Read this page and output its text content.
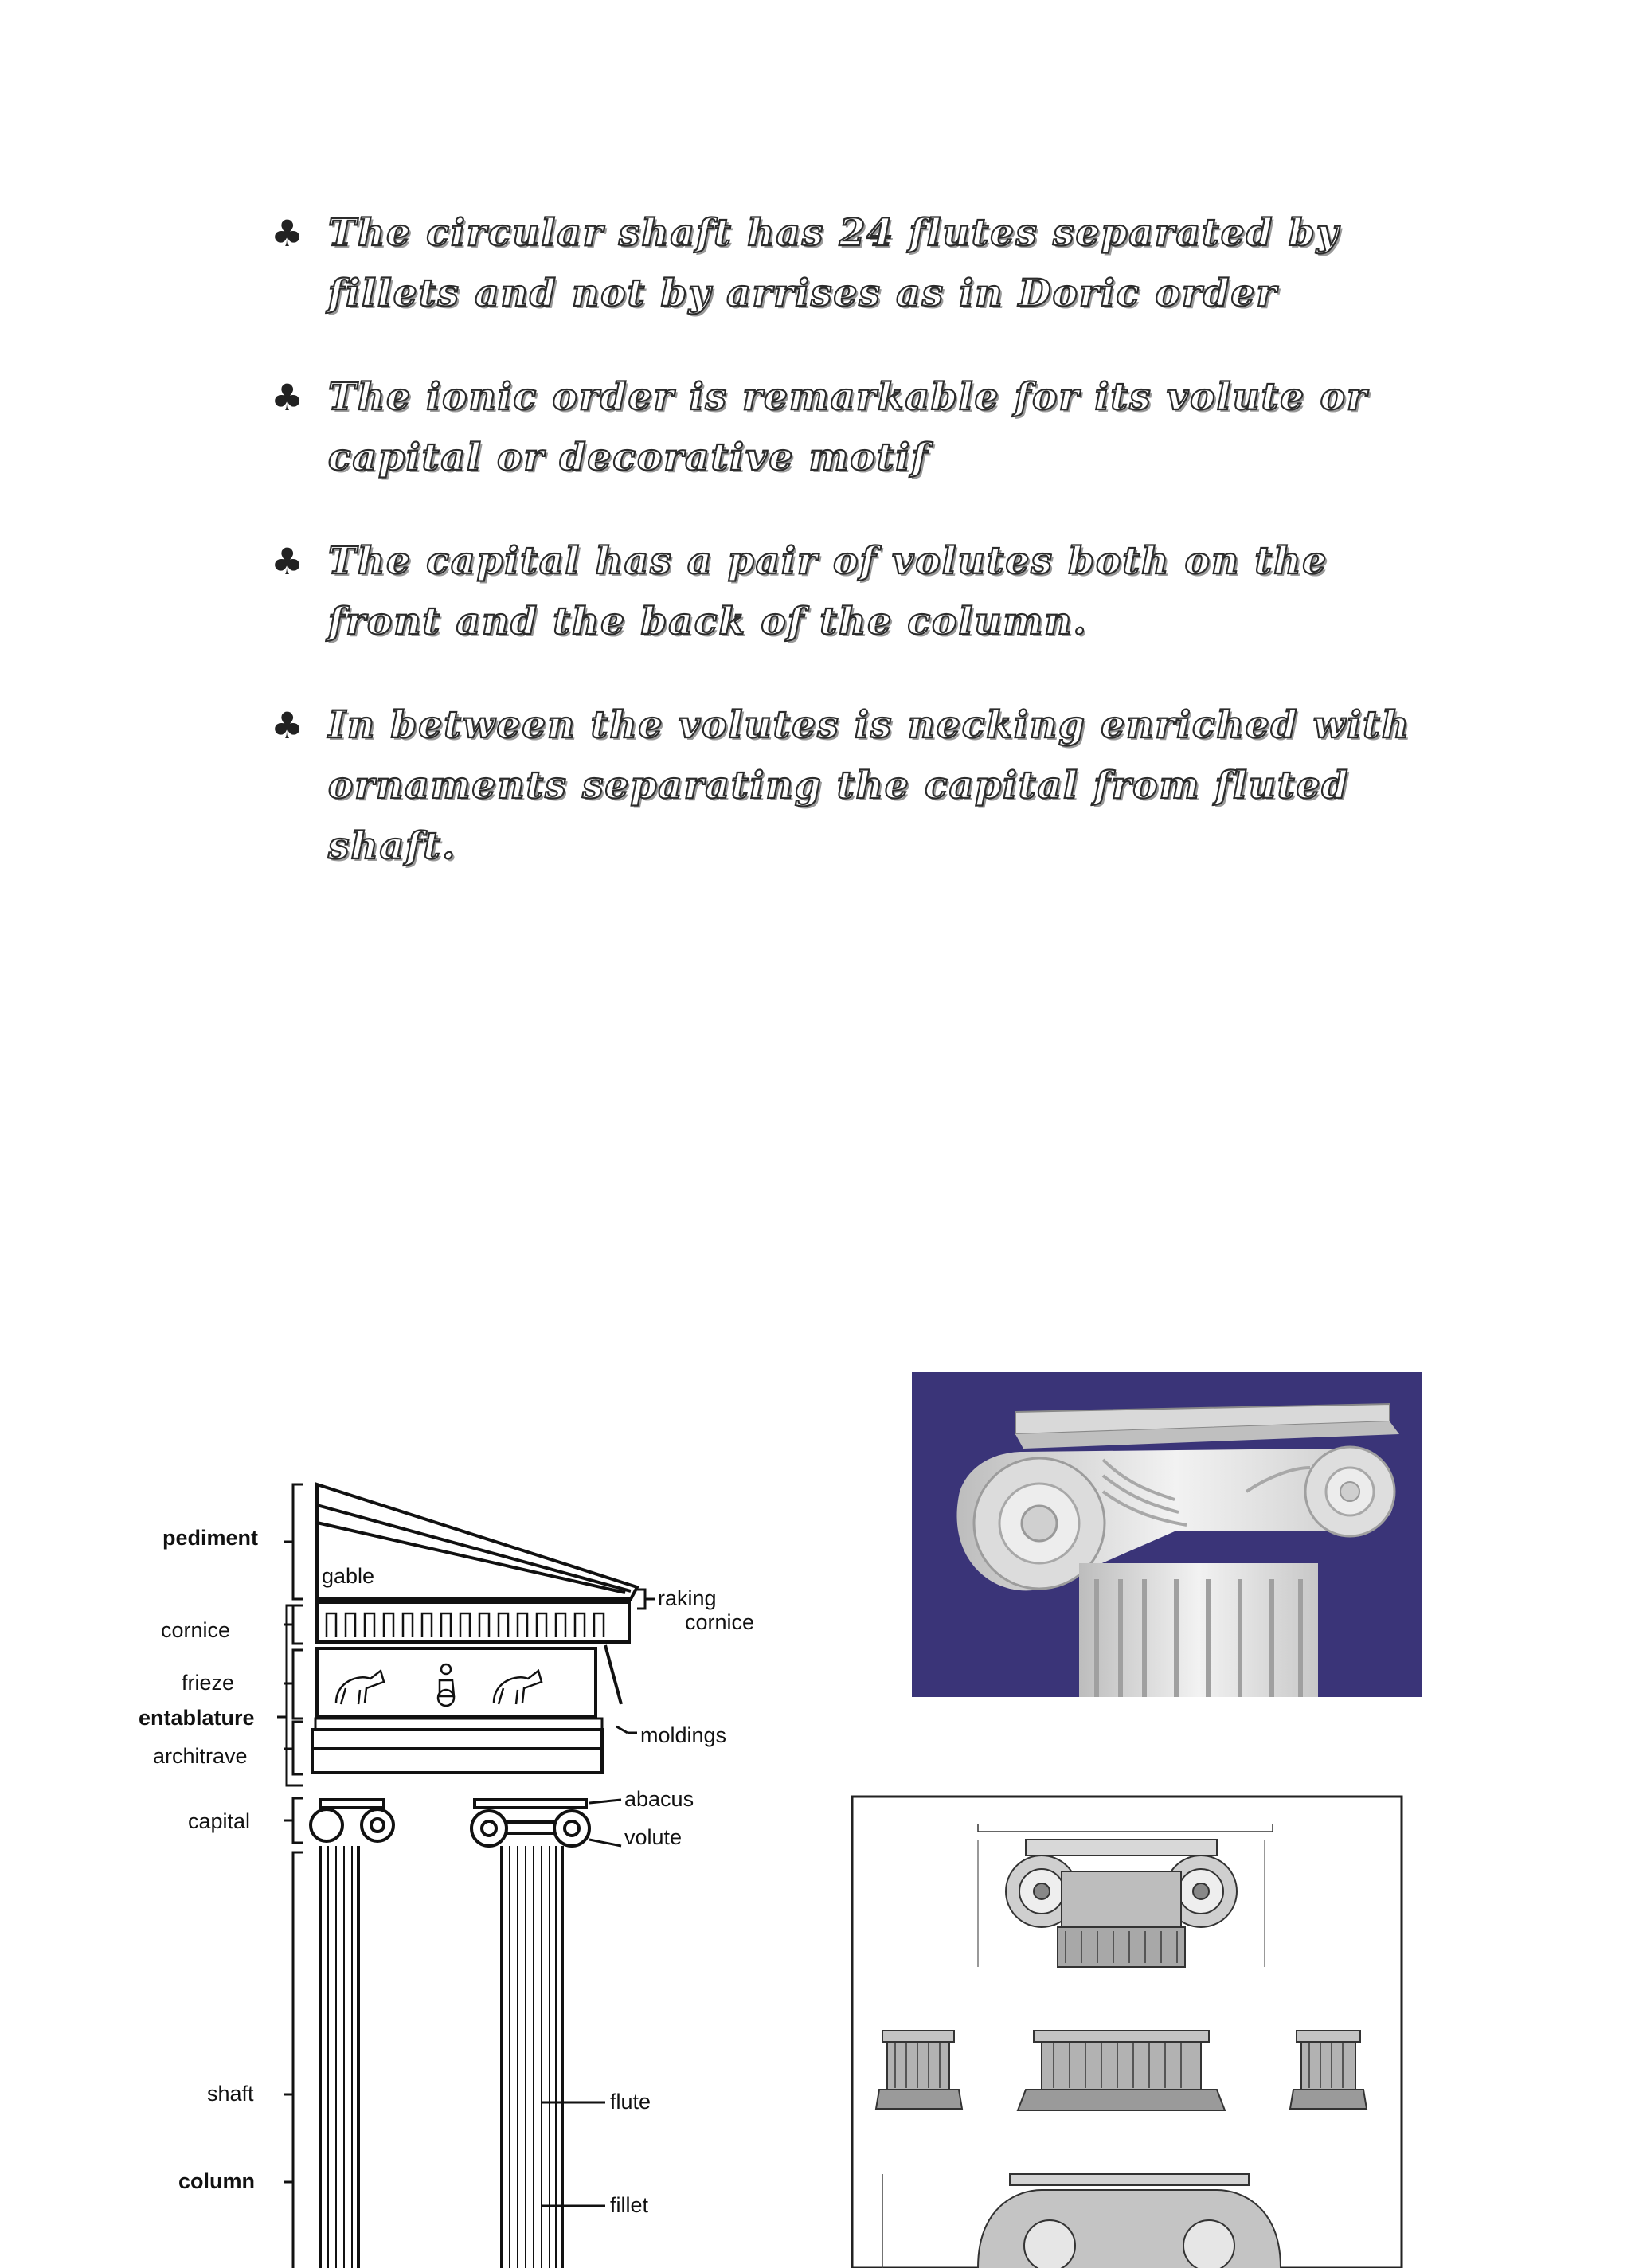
♣ The circular shaft has 24 flutes separated by fillets and not by arrises as in Doric order
♣ The ionic order is remarkable for its volute or capital or decorative motif
♣ The capital has a pair of volutes both on the front and the back of the column.
♣ In between the volutes is necking enriched with ornaments separating the capital from fluted shaft.
pediment
gable
raking
cornice
cornice
frieze
entablature
architrave
moldings
capital
abacus
volute
shaft
column
flute
fillet
